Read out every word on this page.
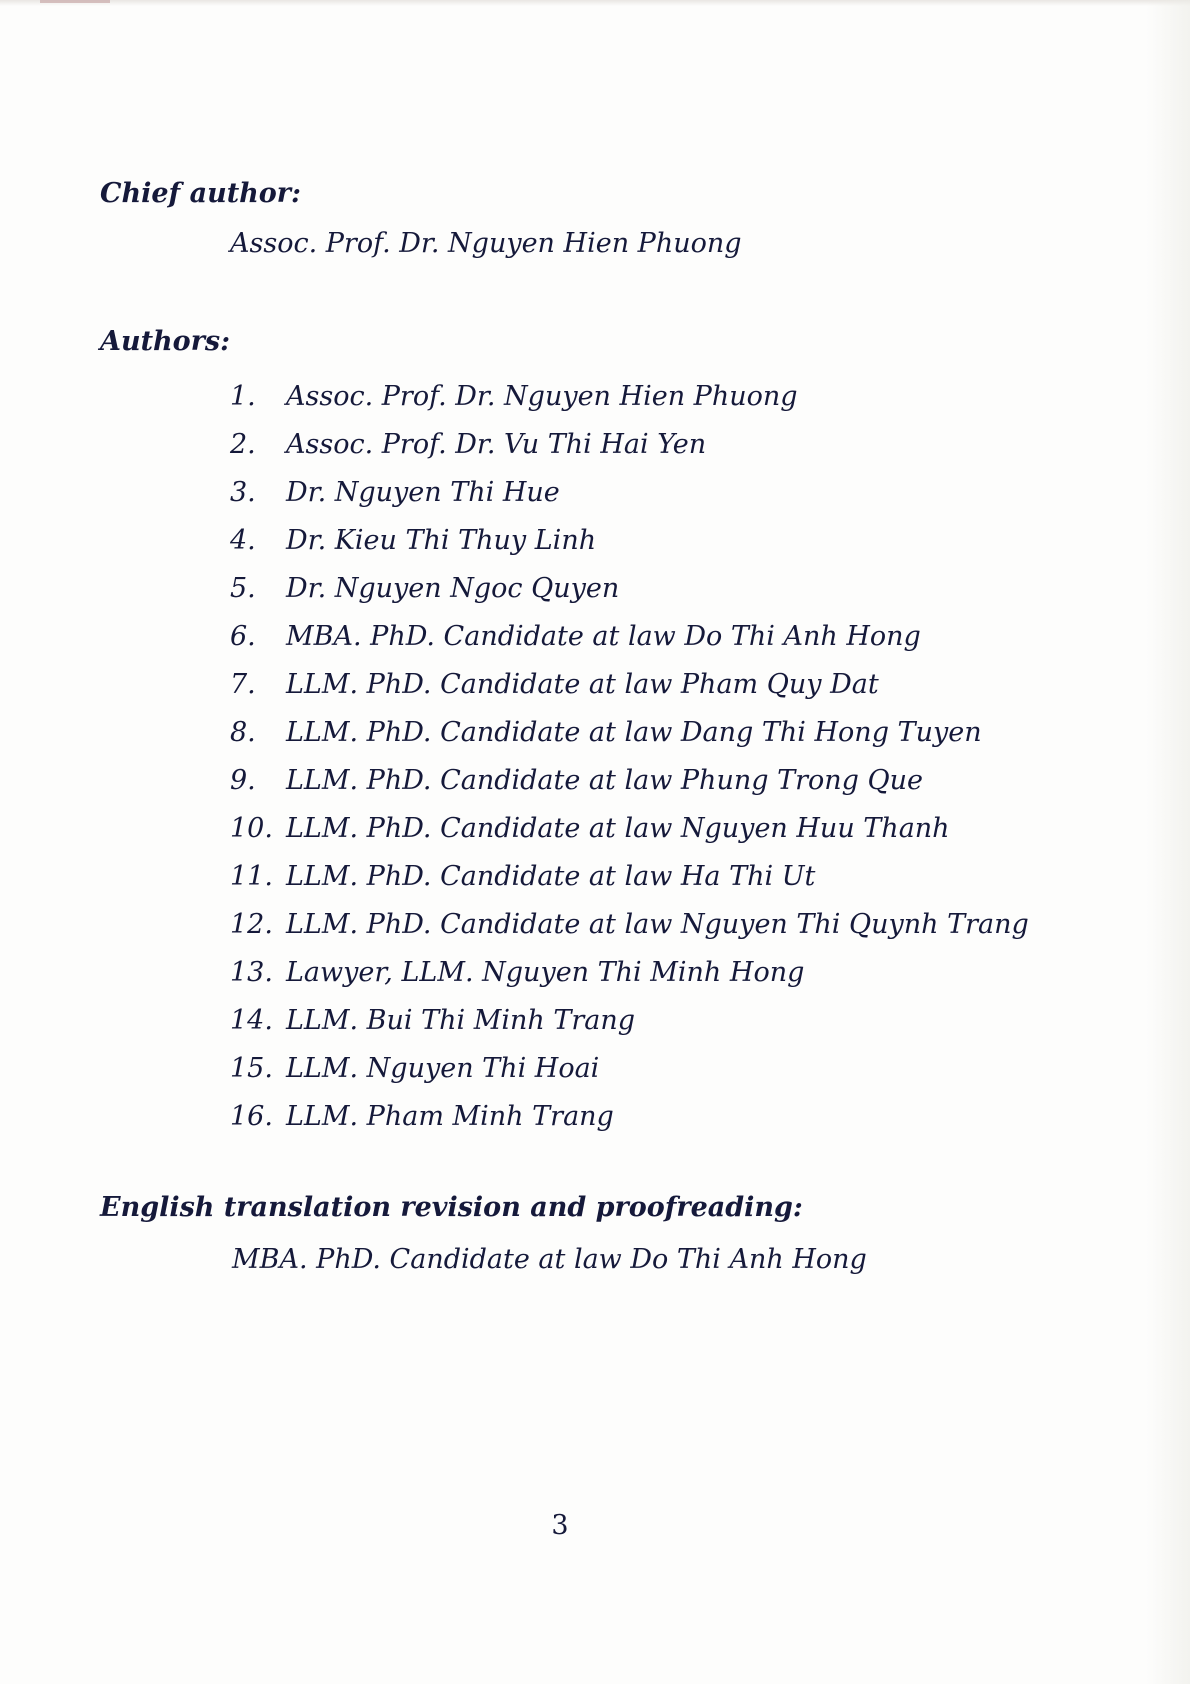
Chief author:

Assoc. Prof. Dr. Nguyen Hien Phuong

Authors:
1.	Assoc. Prof. Dr. Nguyen Hien Phuong
2.	Assoc. Prof. Dr. Vu Thi Hai Yen
3.	Dr. Nguyen Thi Hue
4.	Dr. Kieu Thi Thuy Linh
5.	Dr. Nguyen Ngoc Quyen
6.	MBA. PhD. Candidate at law Do Thi Anh Hong
7.	LLM. PhD. Candidate at law Pham Quy Dat
8.	LLM. PhD. Candidate at law Dang Thi Hong Tuyen
9.	LLM. PhD. Candidate at law Phung Trong Que
10. LLM. PhD. Candidate at law Nguyen Huu Thanh
11. LLM. PhD. Candidate at law Ha Thi Ut
12. LLM. PhD. Candidate at law Nguyen Thi Quynh Trang
13. Lawyer, LLM. Nguyen Thi Minh Hong
14. LLM. Bui Thi Minh Trang
15. LLM. Nguyen Thi Hoai
16. LLM. Pham Minh Trang
English translation revision and proofreading:

MBA. PhD. Candidate at law Do Thi Anh Hong

3
